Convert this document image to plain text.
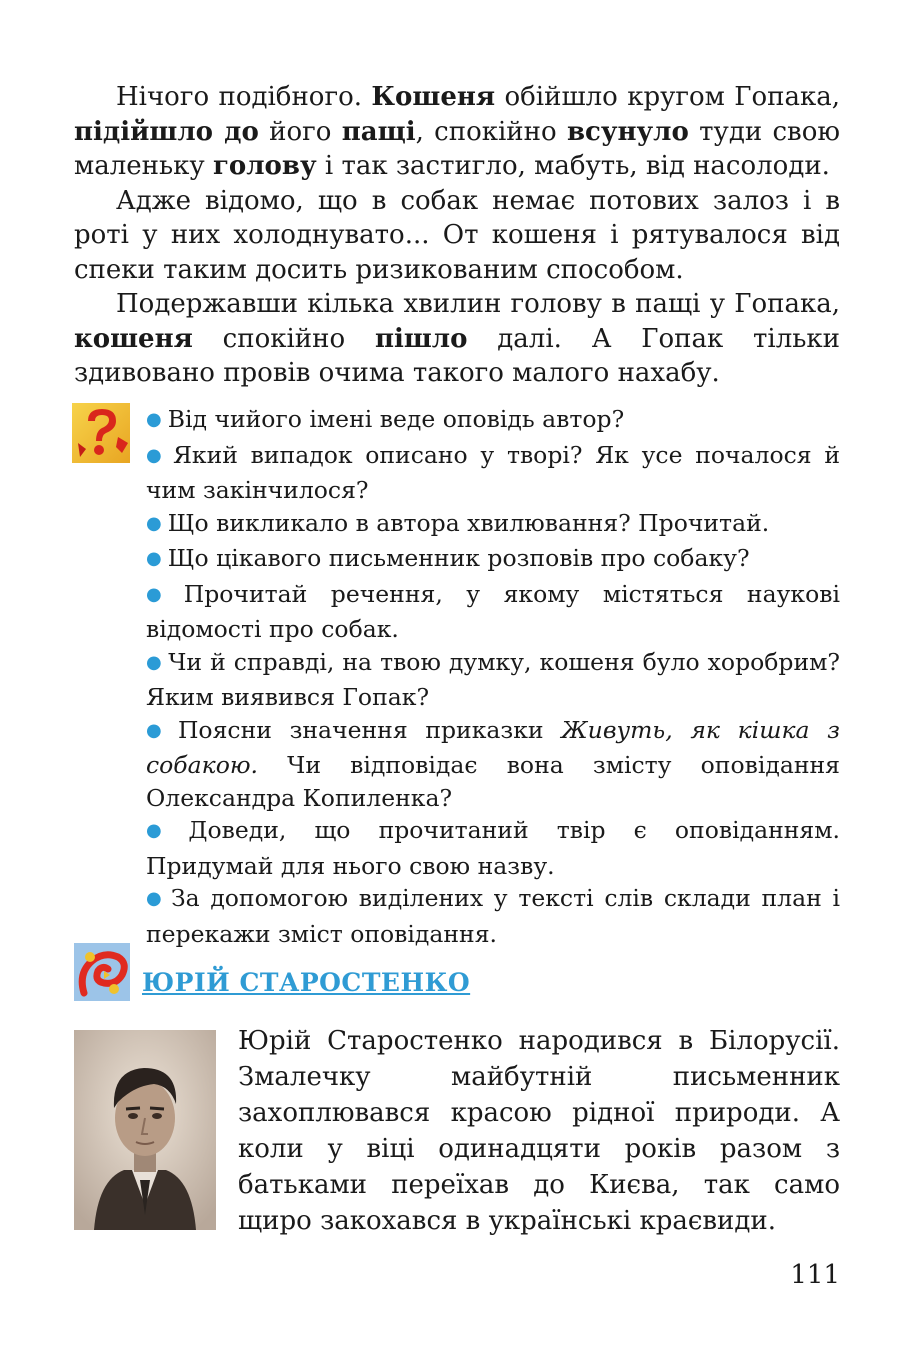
Нічого подібного. Кошеня обійшло кругом Гопака, підійшло до його пащі, спокійно всунуло туди свою маленьку голову і так застигло, мабуть, від насолоди.

Адже відомо, що в собак немає потових залоз і в роті у них холоднувато... От кошеня і рятувалося від спеки таким досить ризикованим способом.

Подержавши кілька хвилин голову в пащі у Гопака, кошеня спокійно пішло далі. А Гопак тільки здивовано провів очима такого малого нахабу.

● Від чийого імені веде оповідь автор?

● Який випадок описано у творі? Як усе почалося й чим закінчилося?

● Що викликало в автора хвилювання? Прочитай.

● Що цікавого письменник розповів про собаку?

● Прочитай речення, у якому містяться наукові відомості про собак.

● Чи й справді, на твою думку, кошеня було хоробрим? Яким виявився Гопак?

● Поясни значення приказки Живуть, як кішка з собакою. Чи відповідає вона змісту оповідання Олександра Копиленка?

● Доведи, що прочитаний твір є оповіданням. Придумай для нього свою назву.

● За допомогою виділених у тексті слів склади план і перекажи зміст оповідання.

ЮРІЙ СТАРОСТЕНКО
Юрій Старостенко народився в Білорусії. Змалечку майбутній письменник захоплювався красою рідної природи. А коли у віці одинадцяти років разом з батьками переїхав до Києва, так само щиро закохався в українські краєвиди.
111
